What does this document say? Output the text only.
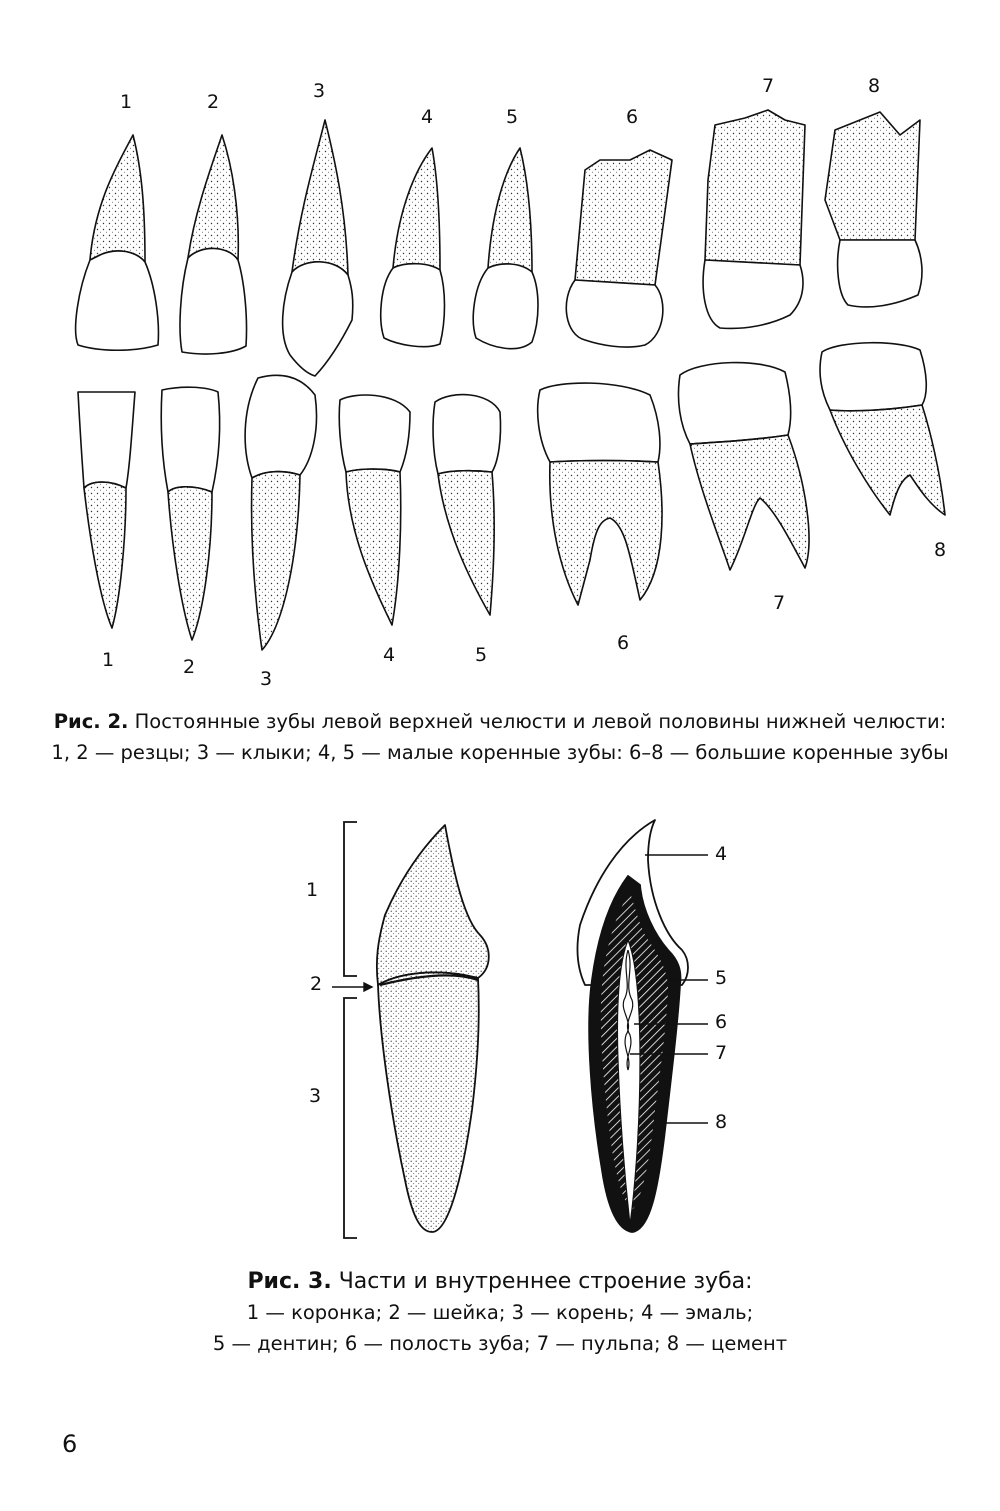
1	2	3
4	5	6
7	8
1	2
3
4	5
6
7
8
Рис. 2. Постоянные зубы левой верхней челюсти и левой половины нижней челюсти:
1, 2 — резцы; 3 — клыки; 4, 5 — малые коренные зубы: 6–8 — большие коренные зубы
1
2
3
4
5
6
7
8
Рис. 3. Части и внутреннее строение зуба:
1 — коронка; 2 — шейка; 3 — корень; 4 — эмаль;
5 — дентин; 6 — полость зуба; 7 — пульпа; 8 — цемент
6
